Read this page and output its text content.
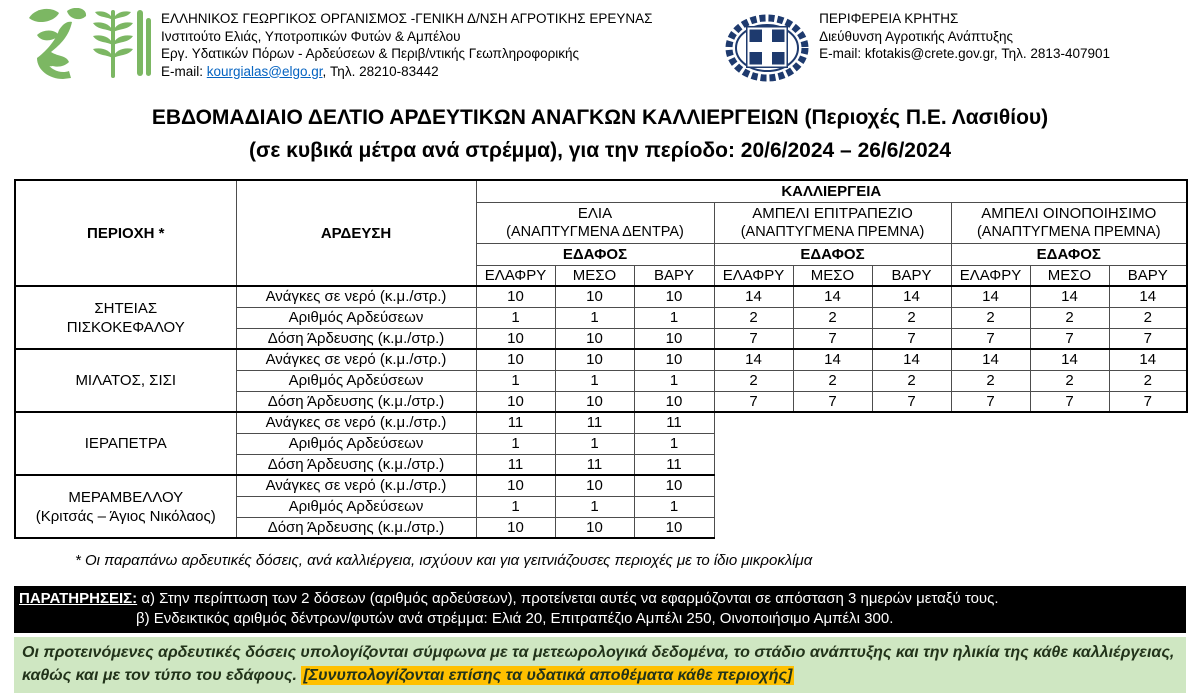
ΕΛΛΗΝΙΚΟΣ ΓΕΩΡΓΙΚΟΣ ΟΡΓΑΝΙΣΜΟΣ -ΓΕΝΙΚΗ Δ/ΝΣΗ ΑΓΡΟΤΙΚΗΣ ΕΡΕΥΝΑΣ
Ινστιτούτο Ελιάς, Υποτροπικών Φυτών & Αμπέλου
Εργ. Υδατικών Πόρων - Αρδεύσεων & Περιβ/ντικής Γεωπληροφορικής
E-mail: kourgialas@elgo.gr, Τηλ. 28210-83442
ΠΕΡΙΦΕΡΕΙΑ ΚΡΗΤΗΣ
Διεύθυνση Αγροτικής Ανάπτυξης
E-mail: kfotakis@crete.gov.gr, Τηλ. 2813-407901
ΕΒΔΟΜΑΔΙΑΙΟ ΔΕΛΤΙΟ ΑΡΔΕΥΤΙΚΩΝ ΑΝΑΓΚΩΝ ΚΑΛΛΙΕΡΓΕΙΩΝ (Περιοχές Π.Ε. Λασιθίου)
(σε κυβικά μέτρα ανά στρέμμα), για την περίοδο: 20/6/2024 – 26/6/2024
ΠΕΡΙΟΧΗ *	ΑΡΔΕΥΣΗ	ΚΑΛΛΙΕΡΓΕΙΑ								

ΕΛΙΑ
(ΑΝΑΠΤΥΓΜΕΝΑ ΔΕΝΤΡΑ)

ΑΜΠΕΛΙ ΕΠΙΤΡΑΠΕΖΙΟ
(ΑΝΑΠΤΥΓΜΕΝΑ ΠΡΕΜΝΑ)

ΑΜΠΕΛΙ ΟΙΝΟΠΟΙΗΣΙΜΟ
(ΑΝΑΠΤΥΓΜΕΝΑ ΠΡΕΜΝΑ)

		ΕΔΑΦΟΣ			ΕΔΑΦΟΣ			ΕΔΑΦΟΣ		
		ΕΛΑΦΡΥ	ΜΕΣΟ	ΒΑΡΥ	ΕΛΑΦΡΥ	ΜΕΣΟ	ΒΑΡΥ	ΕΛΑΦΡΥ	ΜΕΣΟ	ΒΑΡΥ

ΣΗΤΕΙΑΣ
ΠΙΣΚΟΚΕΦΑΛΟΥ	Ανάγκες σε νερό (κ.μ./στρ.)	10	10	10	14	14	14	14	14	14
	Αριθμός Αρδεύσεων	1	1	1	2	2	2	2	2	2
	Δόση Άρδευσης (κ.μ./στρ.)	10	10	10	7	7	7	7	7	7

ΜΙΛΑΤΟΣ, ΣΙΣΙ	Ανάγκες σε νερό (κ.μ./στρ.)	10	10	10	14	14	14	14	14	14
	Αριθμός Αρδεύσεων	1	1	1	2	2	2	2	2	2
	Δόση Άρδευσης (κ.μ./στρ.)	10	10	10	7	7	7	7	7	7

ΙΕΡΑΠΕΤΡΑ	Ανάγκες σε νερό (κ.μ./στρ.)	11	11	11						
	Αριθμός Αρδεύσεων	1	1	1						
	Δόση Άρδευσης (κ.μ./στρ.)	11	11	11						

ΜΕΡΑΜΒΕΛΛΟΥ
(Κριτσάς – Άγιος Νικόλαος)	Ανάγκες σε νερό (κ.μ./στρ.)	10	10	10						
	Αριθμός Αρδεύσεων	1	1	1						
	Δόση Άρδευσης (κ.μ./στρ.)	10	10	10						
* Οι παραπάνω αρδευτικές δόσεις, ανά καλλιέργεια, ισχύουν και για γειτνιάζουσες περιοχές με το ίδιο μικροκλίμα
ΠΑΡΑΤΗΡΗΣΕΙΣ: α) Στην περίπτωση των 2 δόσεων (αριθμός αρδεύσεων), προτείνεται αυτές να εφαρμόζονται σε απόσταση 3 ημερών μεταξύ τους.
β) Ενδεικτικός αριθμός δέντρων/φυτών ανά στρέμμα: Ελιά 20, Επιτραπέζιο Αμπέλι 250, Οινοποιήσιμο Αμπέλι 300.
Οι προτεινόμενες αρδευτικές δόσεις υπολογίζονται σύμφωνα με τα μετεωρολογικά δεδομένα, το στάδιο ανάπτυξης και την ηλικία της κάθε καλλιέργειας, καθώς και με τον τύπο του εδάφους. [Συνυπολογίζονται επίσης τα υδατικά αποθέματα κάθε περιοχής]
